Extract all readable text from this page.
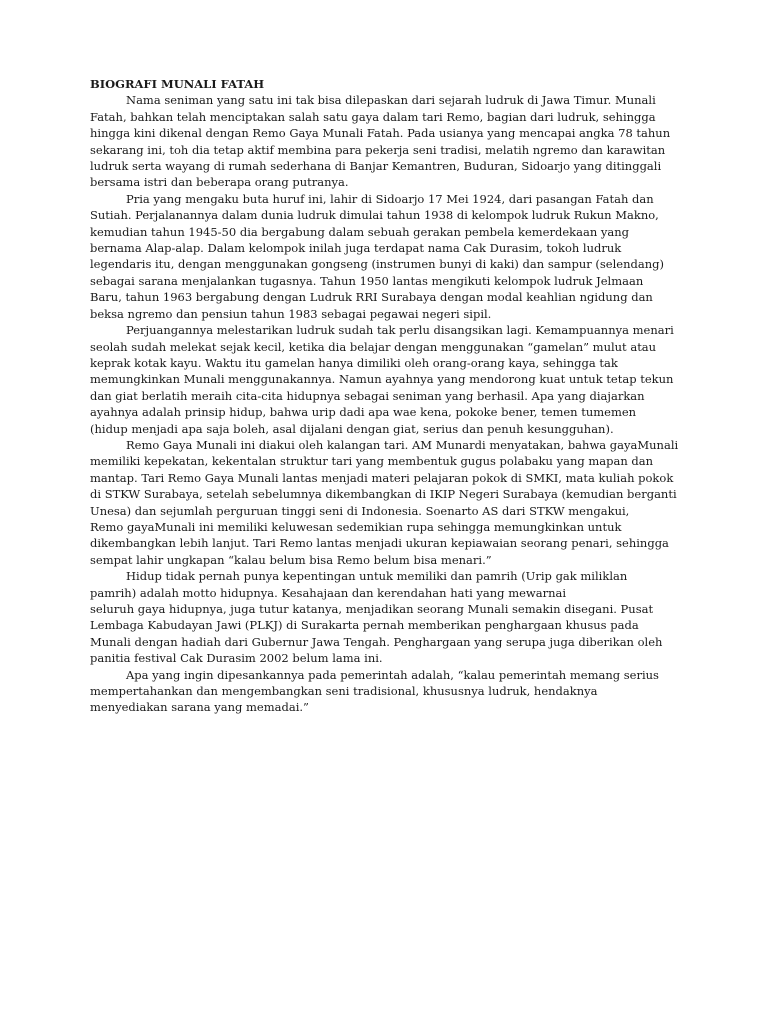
BIOGRAFI MUNALI FATAH
Nama seniman yang satu ini tak bisa dilepaskan dari sejarah ludruk di Jawa Timur. Munali
Fatah, bahkan telah menciptakan salah satu gaya dalam tari Remo, bagian dari ludruk, sehingga
hingga kini dikenal dengan Remo Gaya Munali Fatah. Pada usianya yang mencapai angka 78 tahun
sekarang ini, toh dia tetap aktif membina para pekerja seni tradisi, melatih ngremo dan karawitan
ludruk serta wayang di rumah sederhana di Banjar Kemantren, Buduran, Sidoarjo yang ditinggali
bersama istri dan beberapa orang putranya.
Pria yang mengaku buta huruf ini, lahir di Sidoarjo 17 Mei 1924, dari pasangan Fatah dan
Sutiah. Perjalanannya dalam dunia ludruk dimulai tahun 1938 di kelompok ludruk Rukun Makno,
kemudian tahun 1945-50 dia bergabung dalam sebuah gerakan pembela kemerdekaan yang
bernama Alap-alap. Dalam kelompok inilah juga terdapat nama Cak Durasim, tokoh ludruk
legendaris itu, dengan menggunakan gongseng (instrumen bunyi di kaki) dan sampur (selendang)
sebagai sarana menjalankan tugasnya. Tahun 1950 lantas mengikuti kelompok ludruk Jelmaan
Baru, tahun 1963 bergabung dengan Ludruk RRI Surabaya dengan modal keahlian ngidung dan
beksa ngremo dan pensiun tahun 1983 sebagai pegawai negeri sipil.
Perjuangannya melestarikan ludruk sudah tak perlu disangsikan lagi. Kemampuannya menari
seolah sudah melekat sejak kecil, ketika dia belajar dengan menggunakan “gamelan” mulut atau
keprak kotak kayu. Waktu itu gamelan hanya dimiliki oleh orang-orang kaya, sehingga tak
memungkinkan Munali menggunakannya. Namun ayahnya yang mendorong kuat untuk tetap tekun
dan giat berlatih meraih cita-cita hidupnya sebagai seniman yang berhasil. Apa yang diajarkan
ayahnya adalah prinsip hidup, bahwa urip dadi apa wae kena, pokoke bener, temen tumemen
(hidup menjadi apa saja boleh, asal dijalani dengan giat, serius dan penuh kesungguhan).
Remo Gaya Munali ini diakui oleh kalangan tari. AM Munardi menyatakan, bahwa gayaMunali
memiliki kepekatan, kekentalan struktur tari yang membentuk gugus polabaku yang mapan dan
mantap. Tari Remo Gaya Munali lantas menjadi materi pelajaran pokok di SMKI, mata kuliah pokok
di STKW Surabaya, setelah sebelumnya dikembangkan di IKIP Negeri Surabaya (kemudian berganti
Unesa) dan sejumlah perguruan tinggi seni di Indonesia. Soenarto AS dari STKW mengakui,
Remo gayaMunali ini memiliki keluwesan sedemikian rupa sehingga memungkinkan untuk
dikembangkan lebih lanjut. Tari Remo lantas menjadi ukuran kepiawaian seorang penari, sehingga
sempat lahir ungkapan “kalau belum bisa Remo belum bisa menari.”
Hidup tidak pernah punya kepentingan untuk memiliki dan pamrih (Urip gak miliklan
pamrih) adalah motto hidupnya. Kesahajaan dan kerendahan hati yang mewarnai
seluruh gaya hidupnya, juga tutur katanya, menjadikan seorang Munali semakin disegani. Pusat
Lembaga Kabudayan Jawi (PLKJ) di Surakarta pernah memberikan penghargaan khusus pada
Munali dengan hadiah dari Gubernur Jawa Tengah. Penghargaan yang serupa juga diberikan oleh
panitia festival Cak Durasim 2002 belum lama ini.
Apa yang ingin dipesankannya pada pemerintah adalah, “kalau pemerintah memang serius
mempertahankan dan mengembangkan seni tradisional, khususnya ludruk, hendaknya
menyediakan sarana yang memadai.”
